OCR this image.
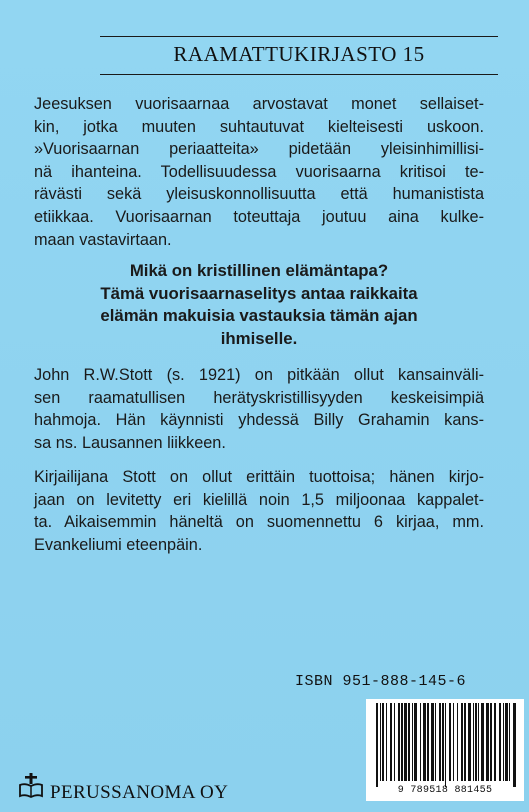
RAAMATTUKIRJASTO 15
Jeesuksen vuorisaarnaa arvostavat monet sellaiset-
kin, jotka muuten suhtautuvat kielteisesti uskoon.
»Vuorisaarnan periaatteita» pidetään yleisinhimillisi-
nä ihanteina. Todellisuudessa vuorisaarna kritisoi te-
rävästi sekä yleisuskonnollisuutta että humanistista
etiikkaa. Vuorisaarnan toteuttaja joutuu aina kulke-
maan vastavirtaan.
Mikä on kristillinen elämäntapa?
Tämä vuorisaarnaselitys antaa raikkaita
elämän makuisia vastauksia tämän ajan
ihmiselle.
John R.W.Stott (s. 1921) on pitkään ollut kansainväli-
sen raamatullisen herätyskristillisyyden keskeisimpiä
hahmoja. Hän käynnisti yhdessä Billy Grahamin kans-
sa ns. Lausannen liikkeen.
Kirjailijana Stott on ollut erittäin tuottoisa; hänen kirjo-
jaan on levitetty eri kielillä noin 1,5 miljoonaa kappalet-
ta. Aikaisemmin häneltä on suomennettu 6 kirjaa, mm.
Evankeliumi eteenpäin.
ISBN 951-888-145-6
9 789518 881455
PERUSSANOMA OY
